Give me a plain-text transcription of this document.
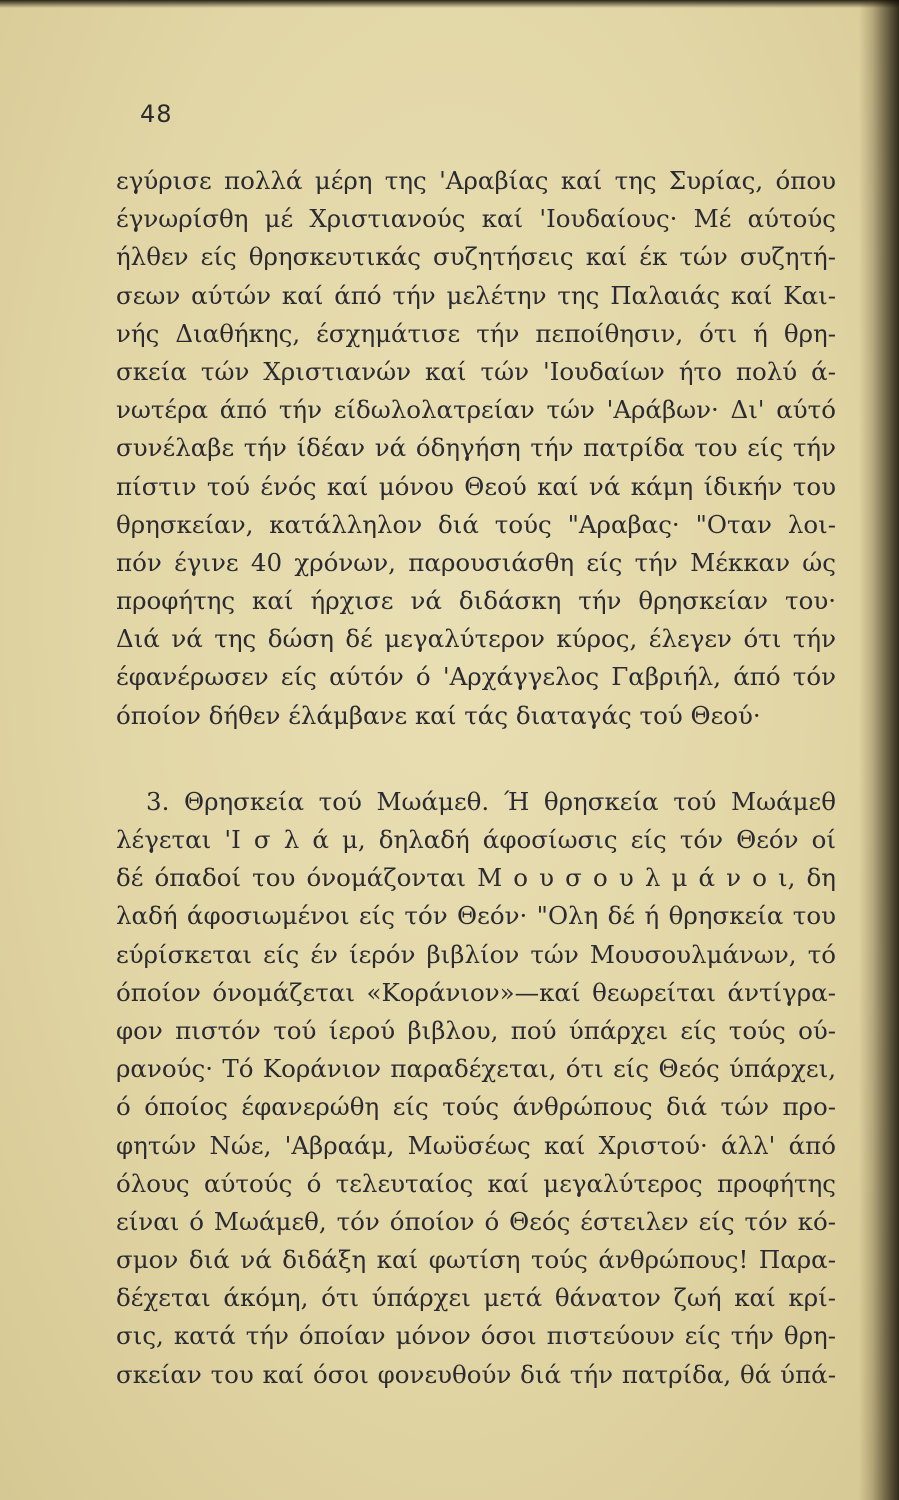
48
εγύρισε πολλά μέρη της 'Αραβίας καί της Συρίας, όπου
έγνωρίσθη μέ Χριστιανούς καί 'Ιουδαίους· Μέ αύτούς
ήλθεν είς θρησκευτικάς συζητήσεις καί έκ τών συζητή-
σεων αύτών καί άπό τήν μελέτην της Παλαιάς καί Και-
νής Διαθήκης, έσχημάτισε τήν πεποίθησιν, ότι ή θρη-
σκεία τών Χριστιανών καί τών 'Ιουδαίων ήτο πολύ ά-
νωτέρα άπό τήν είδωλολατρείαν τών 'Αράβων· Δι' αύτό
συνέλαβε τήν ίδέαν νά όδηγήση τήν πατρίδα του είς τήν
πίστιν τού ένός καί μόνου Θεού καί νά κάμη ίδικήν του
θρησκείαν, κατάλληλον διά τούς "Αραβας· "Οταν λοι-
πόν έγινε 40 χρόνων, παρουσιάσθη είς τήν Μέκκαν ώς
προφήτης καί ήρχισε νά διδάσκη τήν θρησκείαν του·
Διά νά της δώση δέ μεγαλύτερον κύρος, έλεγεν ότι τήν
έφανέρωσεν είς αύτόν ό 'Αρχάγγελος Γαβριήλ, άπό τόν
όποίον δήθεν έλάμβανε καί τάς διαταγάς τού Θεού·
3. Θρησκεία τού Μωάμεθ. Ή θρησκεία τού Μωάμεθ
λέγεται 'Ι σ λ ά μ, δηλαδή άφοσίωσις είς τόν Θεόν οί
δέ όπαδοί του όνομάζονται Μ ο υ σ ο υ λ μ ά ν ο ι, δη
λαδή άφοσιωμένοι είς τόν Θεόν· "Ολη δέ ή θρησκεία του
εύρίσκεται είς έν ίερόν βιβλίον τών Μουσουλμάνων, τό
όποίον όνομάζεται «Κοράνιον»—καί θεωρείται άντίγρα-
φον πιστόν τού ίερού βιβλου, πού ύπάρχει είς τούς ού-
ρανούς· Τό Κοράνιον παραδέχεται, ότι είς Θεός ύπάρχει,
ό όποίος έφανερώθη είς τούς άνθρώπους διά τών προ-
φητών Νώε, 'Αβραάμ, Μωϋσέως καί Χριστού· άλλ' άπό
όλους αύτούς ό τελευταίος καί μεγαλύτερος προφήτης
είναι ό Μωάμεθ, τόν όποίον ό Θεός έστειλεν είς τόν κό-
σμον διά νά διδάξη καί φωτίση τούς άνθρώπους! Παρα-
δέχεται άκόμη, ότι ύπάρχει μετά θάνατον ζωή καί κρί-
σις, κατά τήν όποίαν μόνον όσοι πιστεύουν είς τήν θρη-
σκείαν του καί όσοι φονευθούν διά τήν πατρίδα, θά ύπά-
